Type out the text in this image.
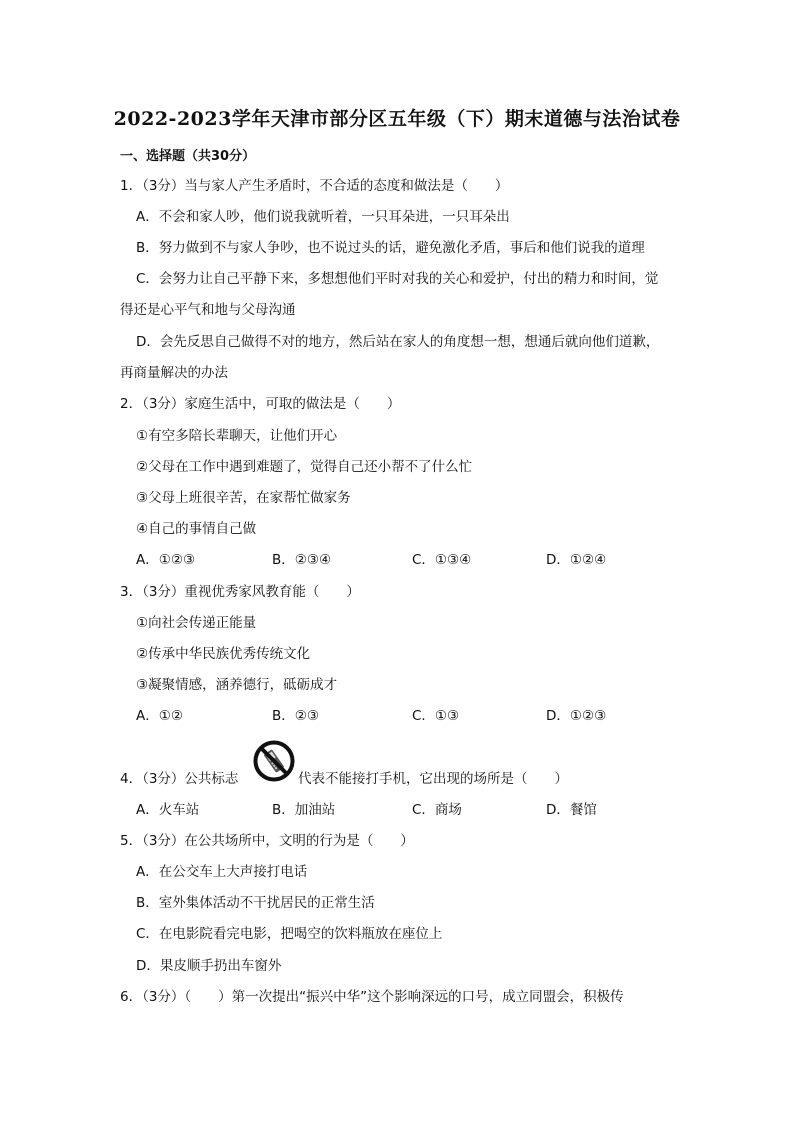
2022-2023学年天津市部分区五年级（下）期末道德与法治试卷
一、选择题（共30分）
1．（3分）当与家人产生矛盾时，不合适的态度和做法是（　　）
A．不会和家人吵，他们说我就听着，一只耳朵进，一只耳朵出
B．努力做到不与家人争吵，也不说过头的话，避免激化矛盾，事后和他们说我的道理
C．会努力让自己平静下来，多想想他们平时对我的关心和爱护，付出的精力和时间，觉
得还是心平气和地与父母沟通
D．会先反思自己做得不对的地方，然后站在家人的角度想一想，想通后就向他们道歉，
再商量解决的办法
2．（3分）家庭生活中，可取的做法是（　　）
①有空多陪长辈聊天，让他们开心
②父母在工作中遇到难题了，觉得自己还小帮不了什么忙
③父母上班很辛苦，在家帮忙做家务
④自己的事情自己做
A．①②③	B．②③④	C．①③④	D．①②④
3．（3分）重视优秀家风教育能（　　）
①向社会传递正能量
②传承中华民族优秀传统文化
③凝聚情感，涵养德行，砥砺成才
A．①②	B．②③	C．①③	D．①②③
4．（3分）公共标志	代表不能接打手机，它出现的场所是（　　）
A．火车站	B．加油站	C．商场	D．餐馆
5．（3分）在公共场所中，文明的行为是（　　）
A．在公交车上大声接打电话
B．室外集体活动不干扰居民的正常生活
C．在电影院看完电影，把喝空的饮料瓶放在座位上
D．果皮顺手扔出车窗外
6．（3分）（　　）第一次提出“振兴中华”这个影响深远的口号，成立同盟会，积极传
